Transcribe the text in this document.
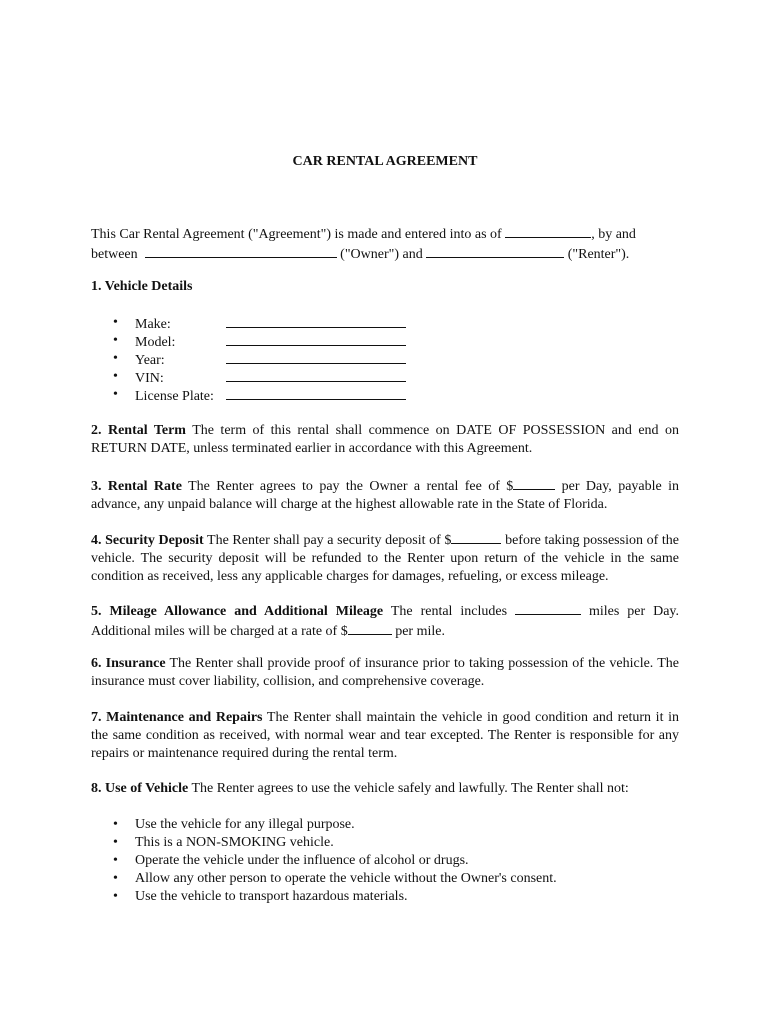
CAR RENTAL AGREEMENT
This Car Rental Agreement ("Agreement") is made and entered into as of	, by and
between	("Owner") and	("Renter").
1. Vehicle Details
• Make:
• Model:
• Year:
• VIN:
• License Plate:
2. Rental Term The term of this rental shall commence on DATE OF POSSESSION and end on RETURN DATE, unless terminated earlier in accordance with this Agreement.
3. Rental Rate The Renter agrees to pay the Owner a rental fee of $	per Day, payable in advance, any unpaid balance will charge at the highest allowable rate in the State of Florida.
4. Security Deposit The Renter shall pay a security deposit of $	before taking possession of the vehicle. The security deposit will be refunded to the Renter upon return of the vehicle in the same condition as received, less any applicable charges for damages, refueling, or excess mileage.
5. Mileage Allowance and Additional Mileage The rental includes	miles per Day. Additional miles will be charged at a rate of $	per mile.
6. Insurance The Renter shall provide proof of insurance prior to taking possession of the vehicle. The insurance must cover liability, collision, and comprehensive coverage.
7. Maintenance and Repairs The Renter shall maintain the vehicle in good condition and return it in the same condition as received, with normal wear and tear excepted. The Renter is responsible for any repairs or maintenance required during the rental term.
8. Use of Vehicle The Renter agrees to use the vehicle safely and lawfully. The Renter shall not:
• Use the vehicle for any illegal purpose.
• This is a NON-SMOKING vehicle.
• Operate the vehicle under the influence of alcohol or drugs.
• Allow any other person to operate the vehicle without the Owner's consent.
• Use the vehicle to transport hazardous materials.
